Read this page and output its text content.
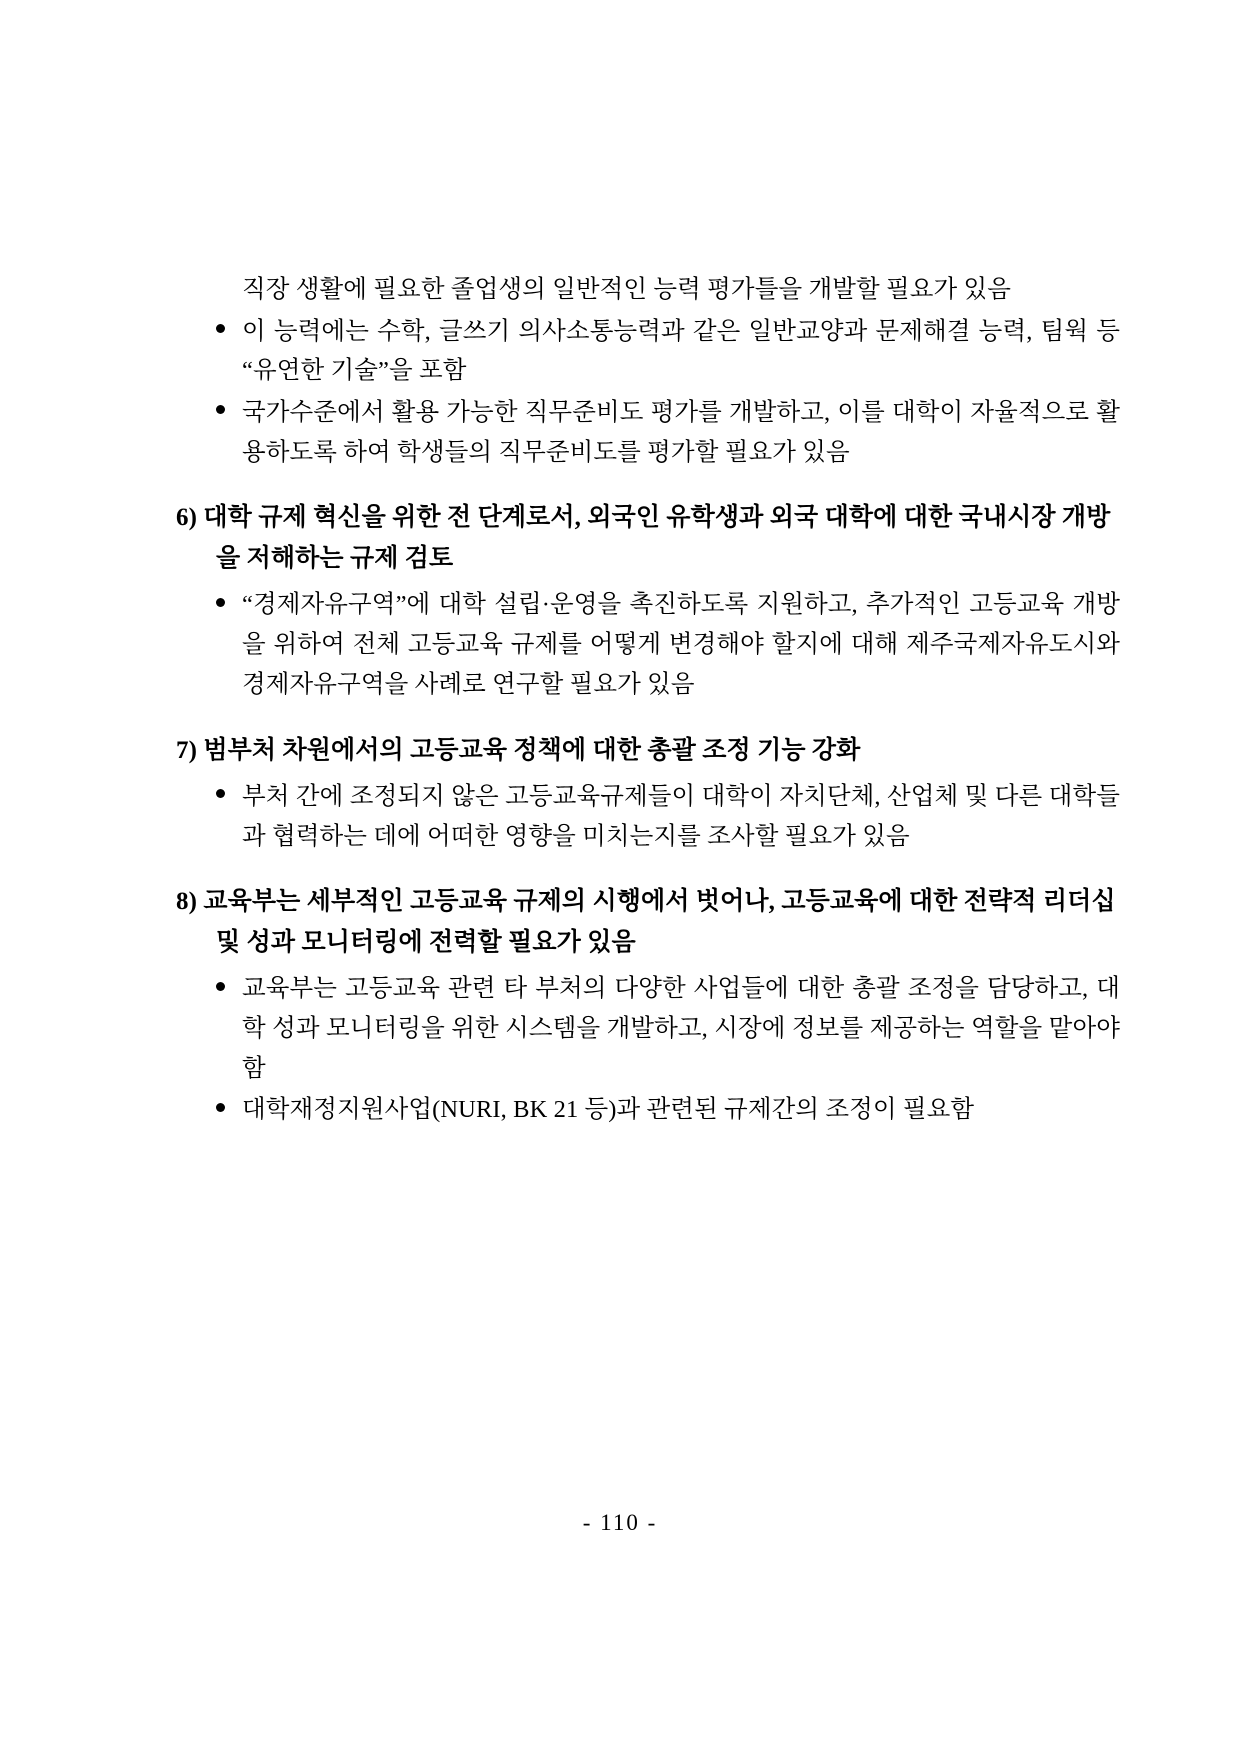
직장 생활에 필요한 졸업생의 일반적인 능력 평가틀을 개발할 필요가 있음

이 능력에는 수학, 글쓰기 의사소통능력과 같은 일반교양과 문제해결 능력, 팀웍 등 “유연한 기술”을 포함
국가수준에서 활용 가능한 직무준비도 평가를 개발하고, 이를 대학이 자율적으로 활용하도록 하여 학생들의 직무준비도를 평가할 필요가 있음

6) 대학 규제 혁신을 위한 전 단계로서, 외국인 유학생과 외국 대학에 대한 국내시장 개방을 저해하는 규제 검토

“경제자유구역”에 대학 설립·운영을 촉진하도록 지원하고, 추가적인 고등교육 개방을 위하여 전체 고등교육 규제를 어떻게 변경해야 할지에 대해 제주국제자유도시와 경제자유구역을 사례로 연구할 필요가 있음

7) 범부처 차원에서의 고등교육 정책에 대한 총괄 조정 기능 강화

부처 간에 조정되지 않은 고등교육규제들이 대학이 자치단체, 산업체 및 다른 대학들과 협력하는 데에 어떠한 영향을 미치는지를 조사할 필요가 있음

8) 교육부는 세부적인 고등교육 규제의 시행에서 벗어나, 고등교육에 대한 전략적 리더십 및 성과 모니터링에 전력할 필요가 있음

교육부는 고등교육 관련 타 부처의 다양한 사업들에 대한 총괄 조정을 담당하고, 대학 성과 모니터링을 위한 시스템을 개발하고, 시장에 정보를 제공하는 역할을 맡아야 함
대학재정지원사업(NURI, BK 21 등)과 관련된 규제간의 조정이 필요함
- 110 -
